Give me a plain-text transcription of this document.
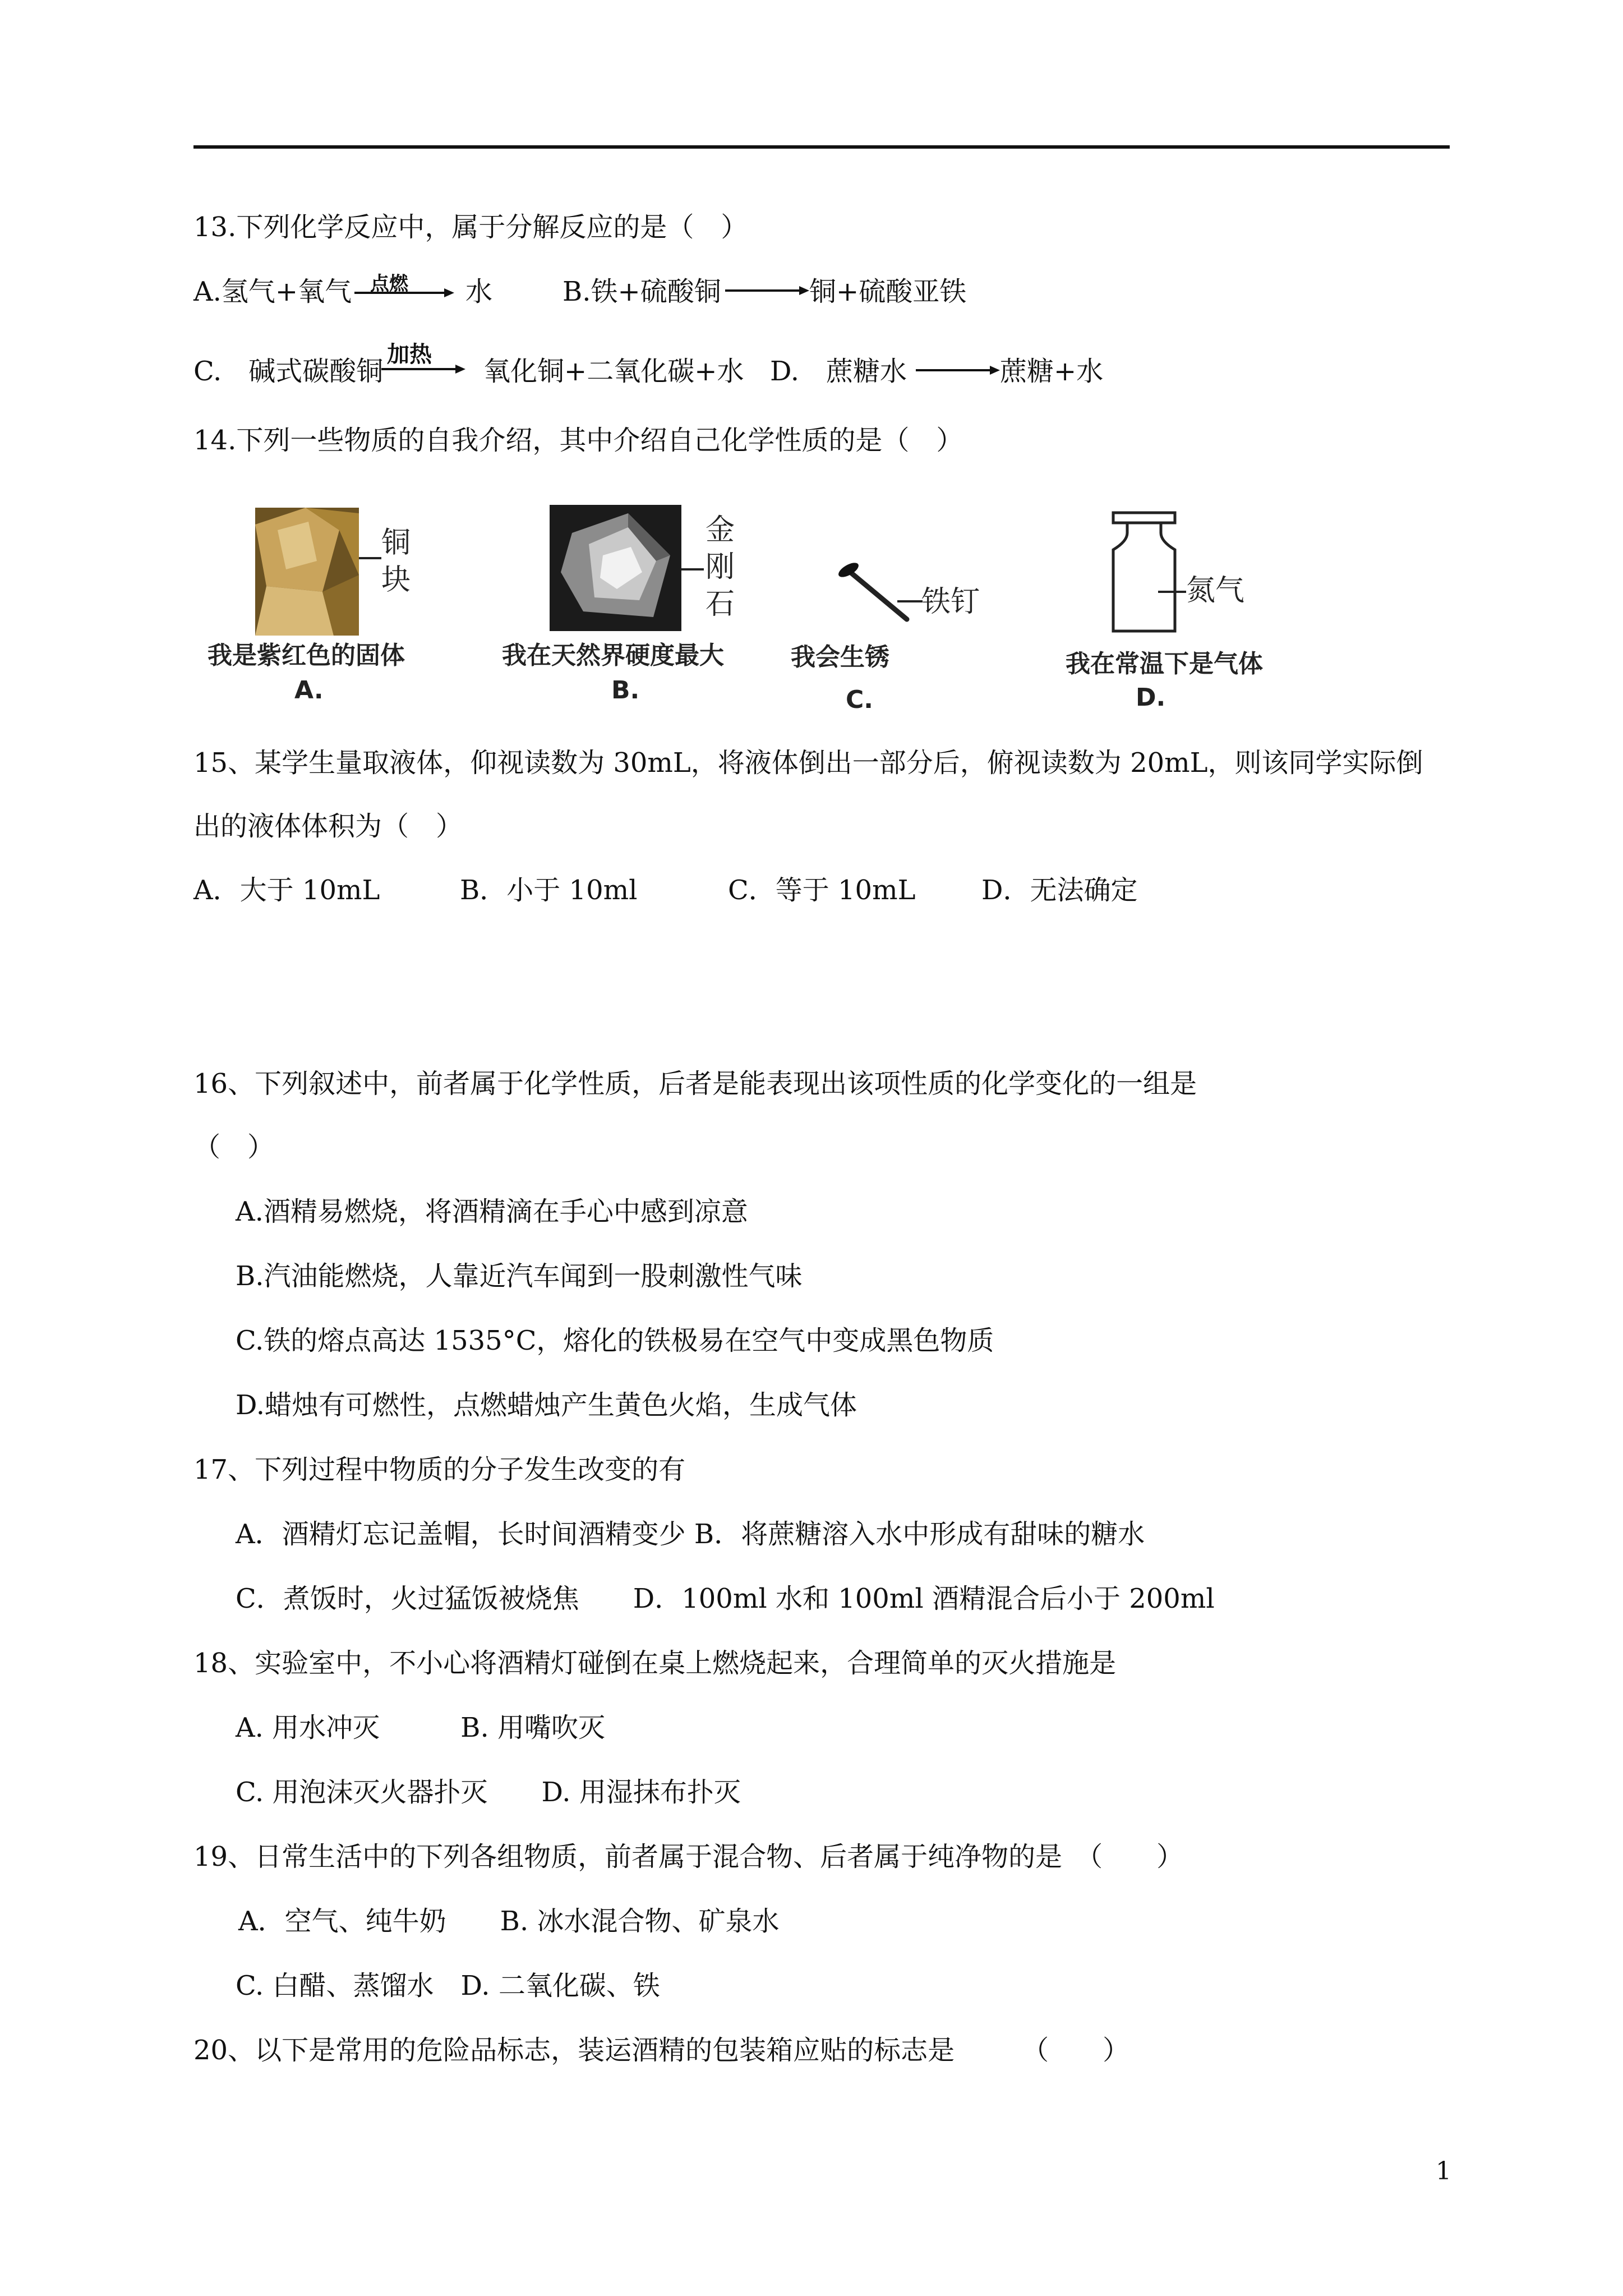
13.下列化学反应中，属于分解反应的是（　）
A.氢气+氧气 点燃 → 水	B.铁+硫酸铜 → 铜+硫酸亚铁
C.　碱式碳酸铜
加热
→ 氧化铜+二氧化碳+水 D.　蔗糖水 → 蔗糖+水
14.下列一些物质的自我介绍，其中介绍自己化学性质的是（　）
铜
块
我是紫红色的固体
A.
金
刚
石
我在天然界硬度最大
B.
铁钉
我会生锈
C.
氮气
我在常温下是气体
D.
15、某学生量取液体，仰视读数为 30mL，将液体倒出一部分后，俯视读数为 20mL，则该同学实际倒
出的液体体积为（　）
A．大于 10mL	B．小于 10ml	C．等于 10mL D．无法确定
16、下列叙述中，前者属于化学性质，后者是能表现出该项性质的化学变化的一组是
（　）
A.酒精易燃烧，将酒精滴在手心中感到凉意
B.汽油能燃烧，人靠近汽车闻到一股刺激性气味
C.铁的熔点高达 1535°C，熔化的铁极易在空气中变成黑色物质
D.蜡烛有可燃性，点燃蜡烛产生黄色火焰，生成气体
17、下列过程中物质的分子发生改变的有
A．酒精灯忘记盖帽，长时间酒精变少 B．将蔗糖溶入水中形成有甜味的糖水
C．煮饭时，火过猛饭被烧焦　　D．100ml 水和 100ml 酒精混合后小于 200ml
18、实验室中，不小心将酒精灯碰倒在桌上燃烧起来，合理简单的灭火措施是
A. 用水冲灭　　　B. 用嘴吹灭
C. 用泡沫灭火器扑灭　　D. 用湿抹布扑灭
19、日常生活中的下列各组物质，前者属于混合物、后者属于纯净物的是　（　　）
A．空气、纯牛奶　　B. 冰水混合物、矿泉水
C. 白醋、蒸馏水　D. 二氧化碳、铁
20、以下是常用的危险品标志，装运酒精的包装箱应贴的标志是　　　（　　）
1
